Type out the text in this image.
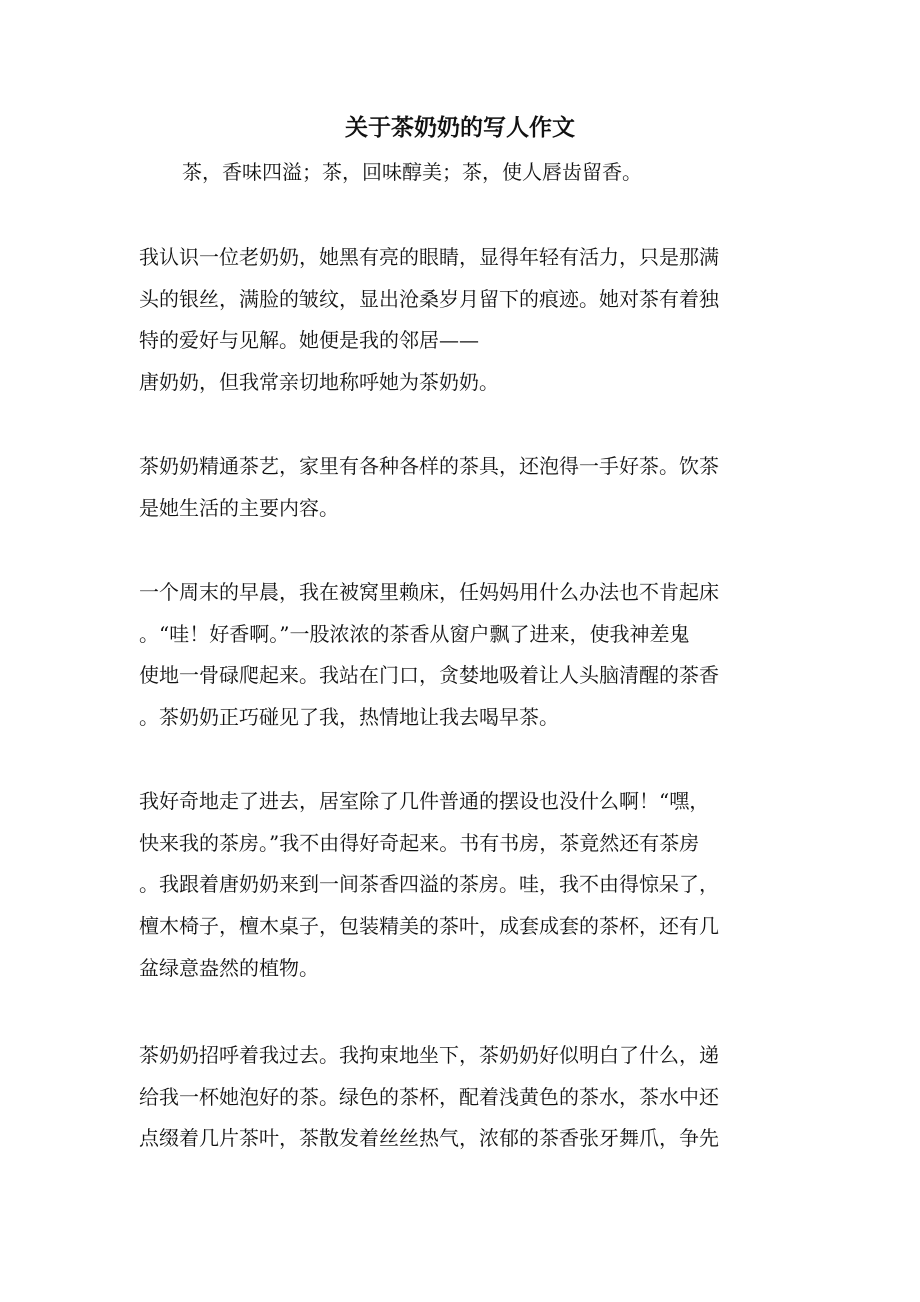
关于茶奶奶的写人作文
茶，香味四溢；茶，回味醇美；茶，使人唇齿留香。
我认识一位老奶奶，她黑有亮的眼睛，显得年轻有活力，只是那满
头的银丝，满脸的皱纹，显出沧桑岁月留下的痕迹。她对茶有着独
特的爱好与见解。她便是我的邻居——
唐奶奶，但我常亲切地称呼她为茶奶奶。
茶奶奶精通茶艺，家里有各种各样的茶具，还泡得一手好茶。饮茶
是她生活的主要内容。
一个周末的早晨，我在被窝里赖床，任妈妈用什么办法也不肯起床
。“哇！好香啊。”一股浓浓的茶香从窗户飘了进来，使我神差鬼
使地一骨碌爬起来。我站在门口，贪婪地吸着让人头脑清醒的茶香
。茶奶奶正巧碰见了我，热情地让我去喝早茶。
我好奇地走了进去，居室除了几件普通的摆设也没什么啊！“嘿，
快来我的茶房。”我不由得好奇起来。书有书房，茶竟然还有茶房
。我跟着唐奶奶来到一间茶香四溢的茶房。哇，我不由得惊呆了，
檀木椅子，檀木桌子，包装精美的茶叶，成套成套的茶杯，还有几
盆绿意盎然的植物。
茶奶奶招呼着我过去。我拘束地坐下，茶奶奶好似明白了什么，递
给我一杯她泡好的茶。绿色的茶杯，配着浅黄色的茶水，茶水中还
点缀着几片茶叶，茶散发着丝丝热气，浓郁的茶香张牙舞爪，争先
